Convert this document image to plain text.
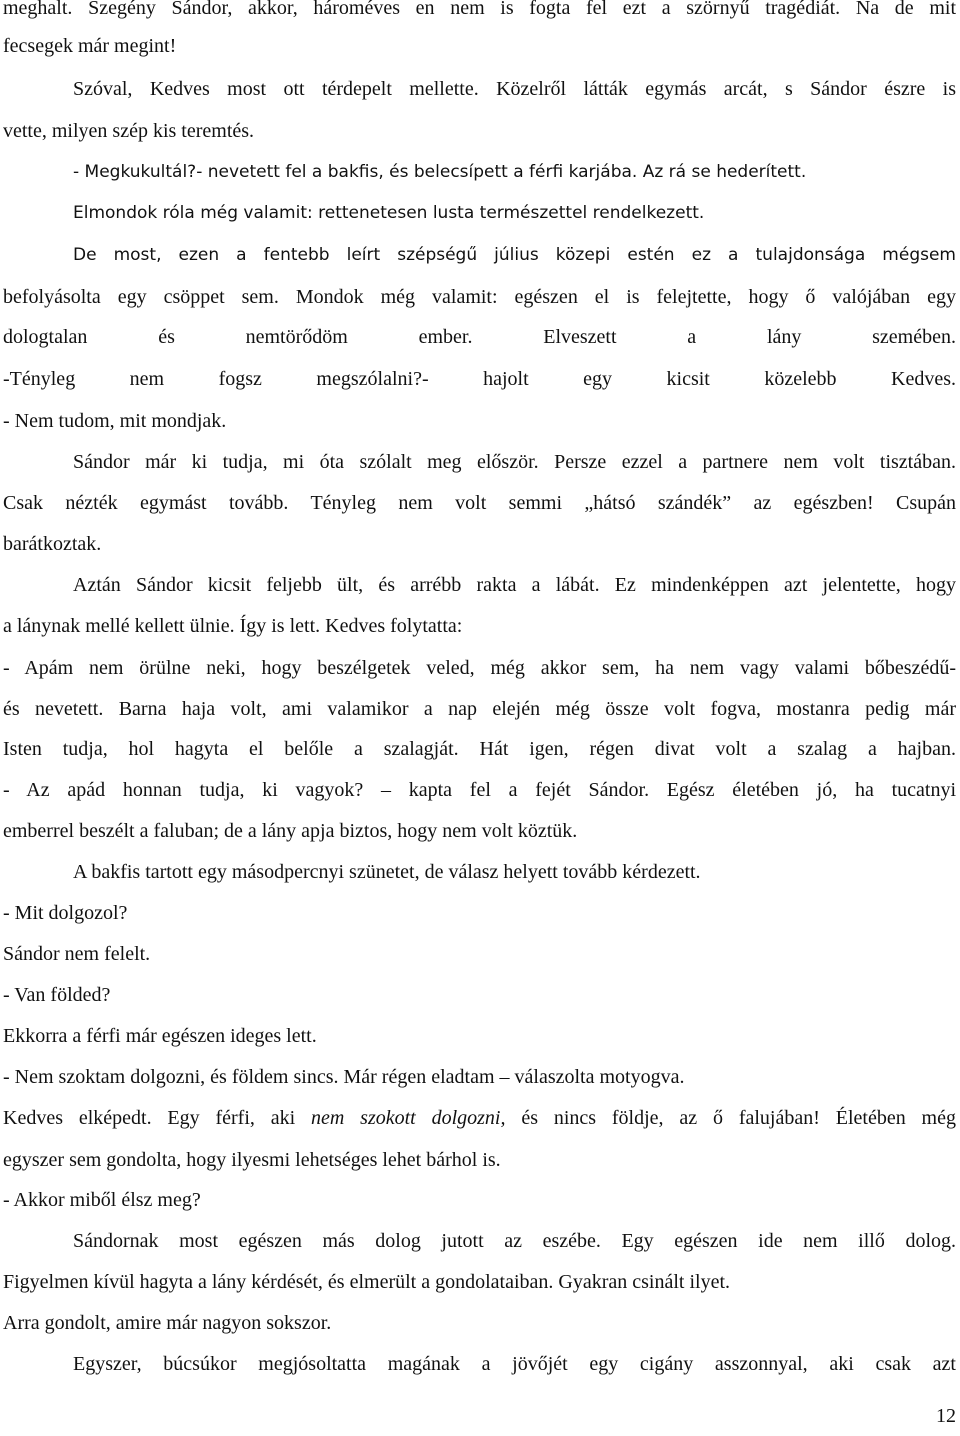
meghalt. Szegény Sándor, akkor, hároméves en nem is fogta fel ezt a szörnyű tragédiát. Na de mit
fecsegek már megint!
Szóval, Kedves most ott térdepelt mellette. Közelről látták egymás arcát, s Sándor észre is
vette, milyen szép kis teremtés.
- Megkukultál?- nevetett fel a bakfis, és belecsípett a férfi karjába. Az rá se hederített.
Elmondok róla még valamit: rettenetesen lusta természettel rendelkezett.
De most, ezen a fentebb leírt szépségű július közepi estén ez a tulajdonsága mégsem
befolyásolta egy csöppet sem. Mondok még valamit: egészen el is felejtette, hogy ő valójában egy
dologtalan és nemtörődöm ember. Elveszett a lány szemében.
-Tényleg nem fogsz megszólalni?- hajolt egy kicsit közelebb Kedves.
- Nem tudom, mit mondjak.
Sándor már ki tudja, mi óta szólalt meg először. Persze ezzel a partnere nem volt tisztában.
Csak nézték egymást tovább. Tényleg nem volt semmi „hátsó szándék” az egészben! Csupán
barátkoztak.
Aztán Sándor kicsit feljebb ült, és arrébb rakta a lábát. Ez mindenképpen azt jelentette, hogy
a lánynak mellé kellett ülnie. Így is lett. Kedves folytatta:
- Apám nem örülne neki, hogy beszélgetek veled, még akkor sem, ha nem vagy valami bőbeszédű-
és nevetett. Barna haja volt, ami valamikor a nap elején még össze volt fogva, mostanra pedig már
Isten tudja, hol hagyta el belőle a szalagját. Hát igen, régen divat volt a szalag a hajban.
- Az apád honnan tudja, ki vagyok? – kapta fel a fejét Sándor. Egész életében jó, ha tucatnyi
emberrel beszélt a faluban; de a lány apja biztos, hogy nem volt köztük.
A bakfis tartott egy másodpercnyi szünetet, de válasz helyett tovább kérdezett.
- Mit dolgozol?
Sándor nem felelt.
- Van földed?
Ekkorra a férfi már egészen ideges lett.
- Nem szoktam dolgozni, és földem sincs. Már régen eladtam – válaszolta motyogva.
Kedves elképedt. Egy férfi, aki nem szokott dolgozni, és nincs földje, az ő falujában! Életében még
egyszer sem gondolta, hogy ilyesmi lehetséges lehet bárhol is.
- Akkor miből élsz meg?
Sándornak most egészen más dolog jutott az eszébe. Egy egészen ide nem illő dolog.
Figyelmen kívül hagyta a lány kérdését, és elmerült a gondolataiban. Gyakran csinált ilyet.
Arra gondolt, amire már nagyon sokszor.
Egyszer, búcsúkor megjósoltatta magának a jövőjét egy cigány asszonnyal, aki csak azt
12
